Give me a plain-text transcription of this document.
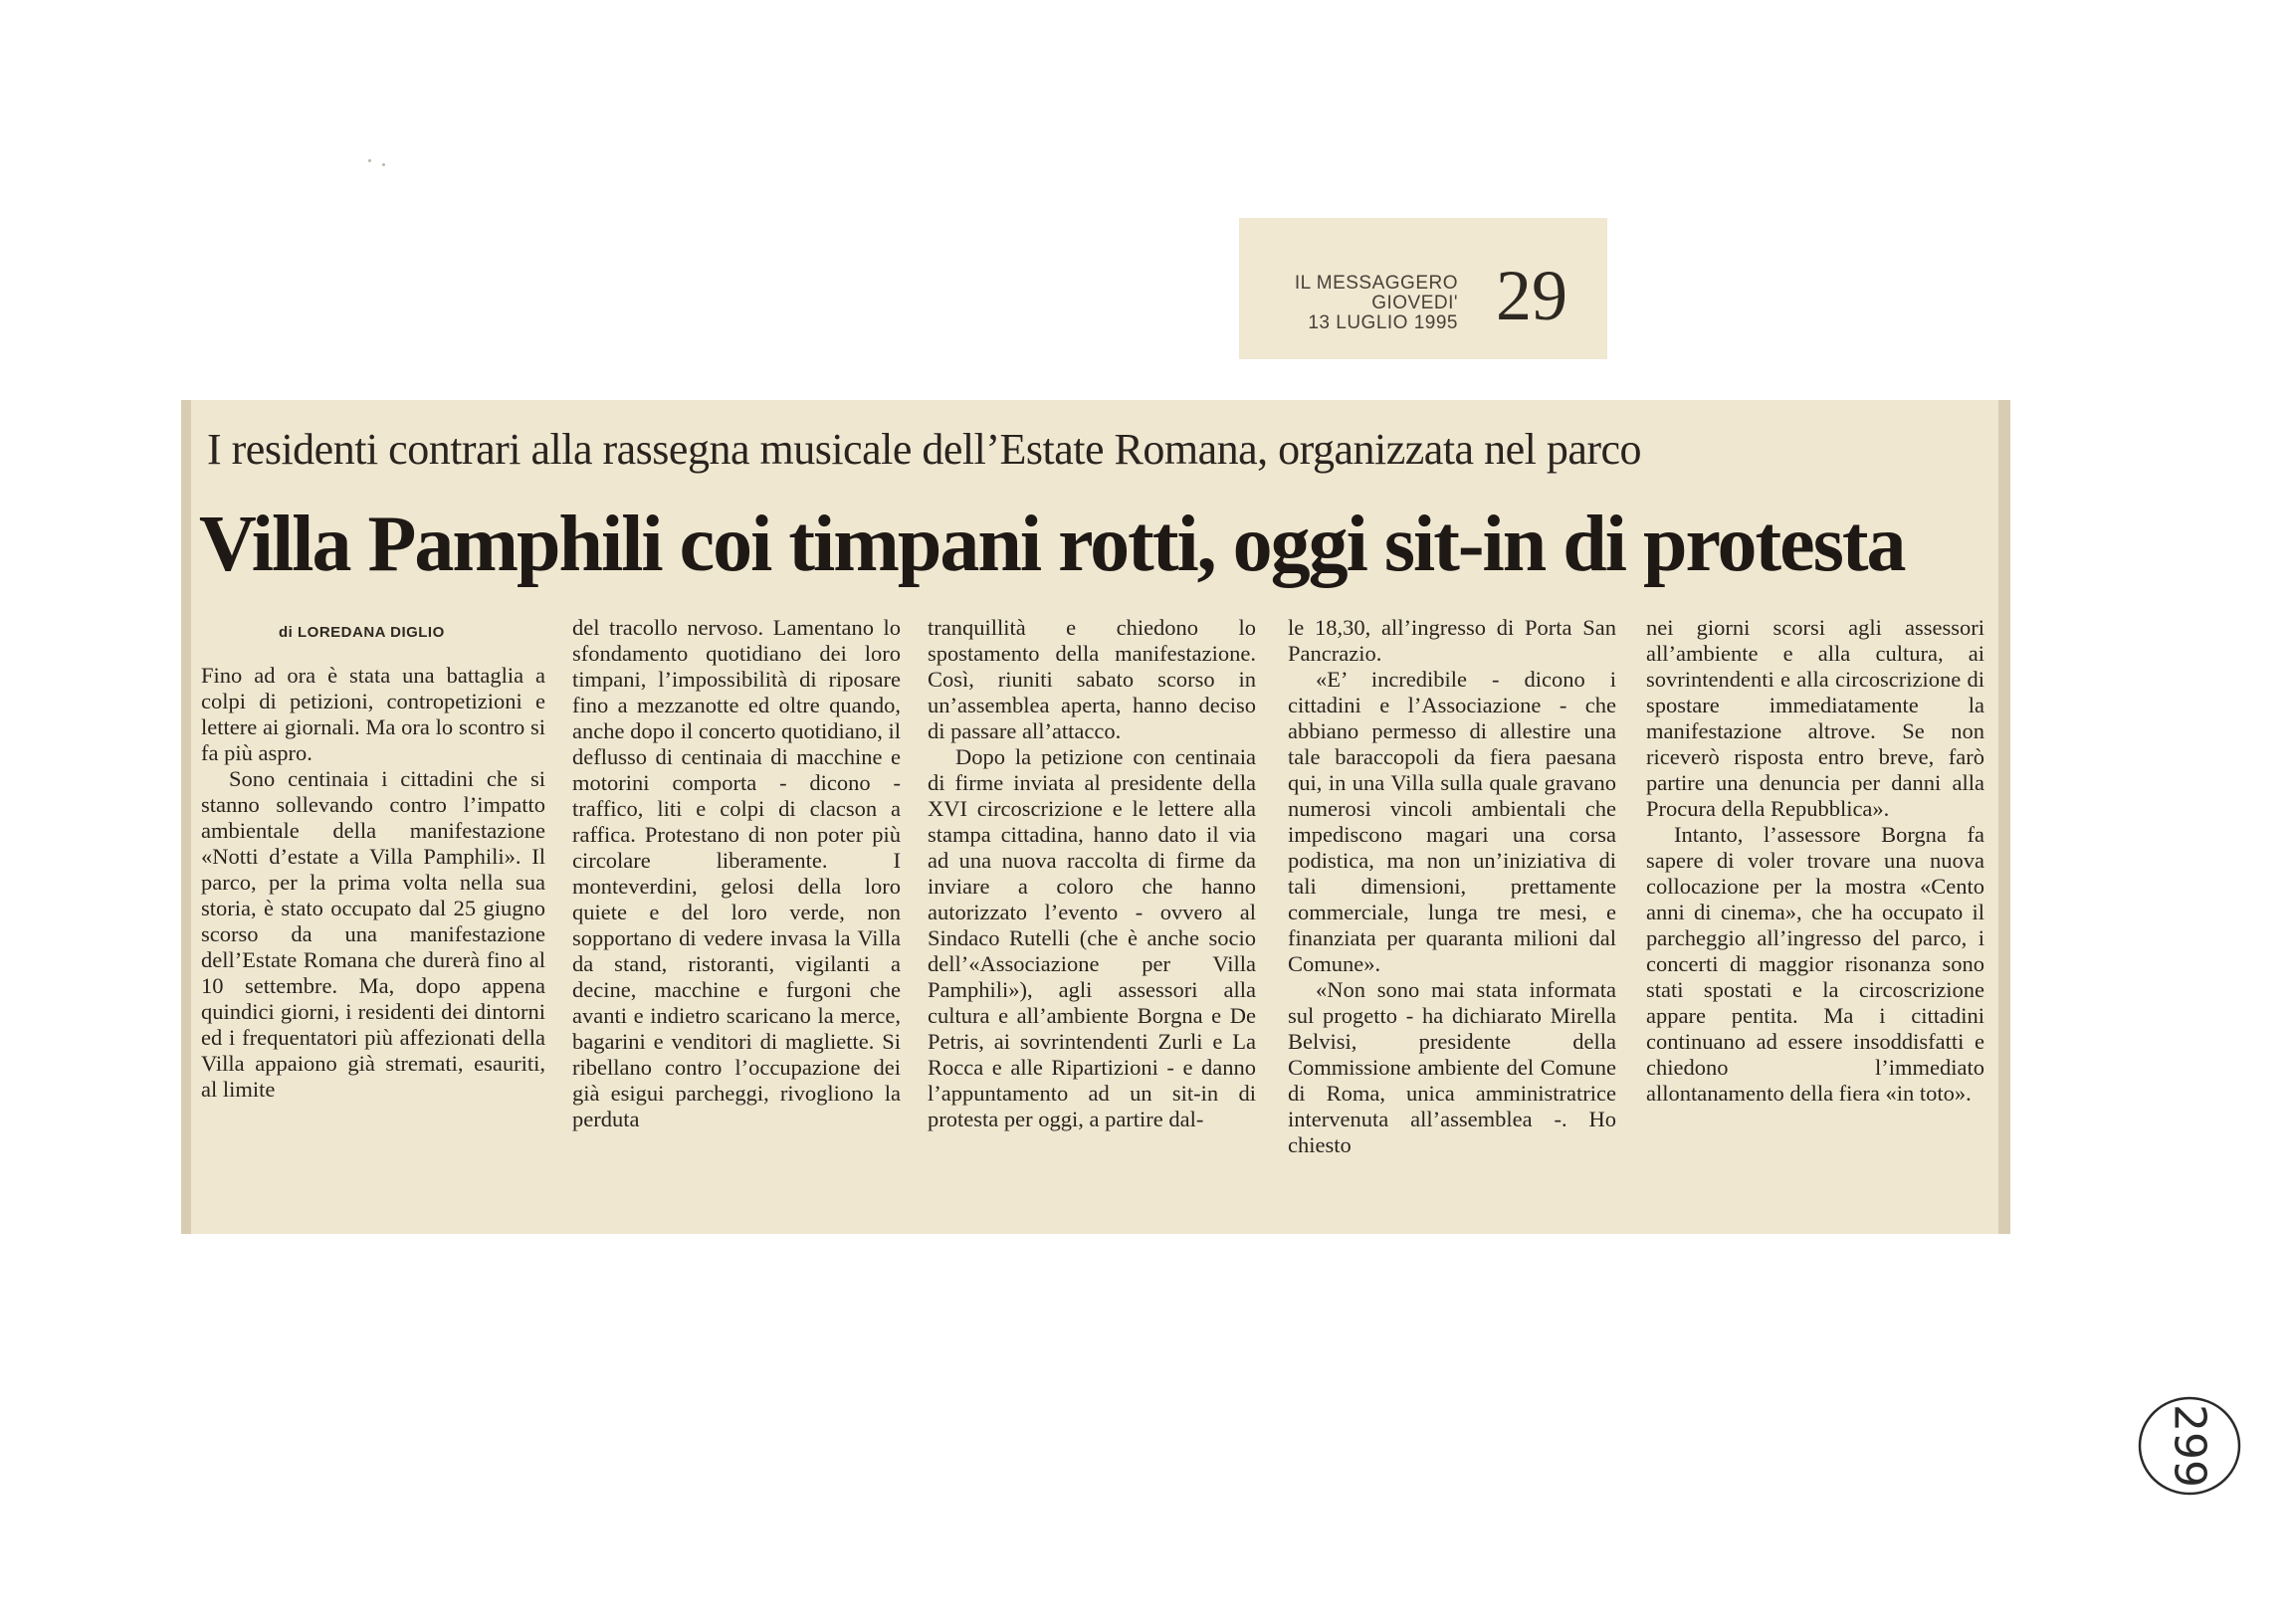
IL MESSAGGERO
GIOVEDI'
13 LUGLIO 1995 29
I residenti contrari alla rassegna musicale dell’Estate Romana, organizzata nel parco
Villa Pamphili coi timpani rotti, oggi sit-in di protesta
di LOREDANA DIGLIO

Fino ad ora è stata una battaglia a colpi di petizioni, contropetizioni e lettere ai giornali. Ma ora lo scontro si fa più aspro.

Sono centinaia i cittadini che si stanno sollevando contro l’impatto ambientale della manifestazione «Notti d’estate a Villa Pamphili». Il parco, per la prima volta nella sua storia, è stato occupato dal 25 giugno scorso da una manifestazione dell’Estate Romana che durerà fino al 10 settembre. Ma, dopo appena quindici giorni, i residenti dei dintorni ed i frequentatori più affezionati della Villa appaiono già stremati, esauriti, al limite

del tracollo nervoso. Lamentano lo sfondamento quotidiano dei loro timpani, l’impossibilità di riposare fino a mezzanotte ed oltre quando, anche dopo il concerto quotidiano, il deflusso di centinaia di macchine e motorini comporta - dicono - traffico, liti e colpi di clacson a raffica. Protestano di non poter più circolare liberamente. I monteverdini, gelosi della loro quiete e del loro verde, non sopportano di vedere invasa la Villa da stand, ristoranti, vigilanti a decine, macchine e furgoni che avanti e indietro scaricano la merce, bagarini e venditori di magliette. Si ribellano contro l’occupazione dei già esigui parcheggi, rivogliono la perduta

tranquillità e chiedono lo spostamento della manifestazione. Così, riuniti sabato scorso in un’assemblea aperta, hanno deciso di passare all’attacco.

Dopo la petizione con centinaia di firme inviata al presidente della XVI circoscrizione e le lettere alla stampa cittadina, hanno dato il via ad una nuova raccolta di firme da inviare a coloro che hanno autorizzato l’evento - ovvero al Sindaco Rutelli (che è anche socio dell’«Associazione per Villa Pamphili»), agli assessori alla cultura e all’ambiente Borgna e De Petris, ai sovrintendenti Zurli e La Rocca e alle Ripartizioni - e danno l’appuntamento ad un sit-in di protesta per oggi, a partire dal-

le 18,30, all’ingresso di Porta San Pancrazio.

«E’ incredibile - dicono i cittadini e l’Associazione - che abbiano permesso di allestire una tale baraccopoli da fiera paesana qui, in una Villa sulla quale gravano numerosi vincoli ambientali che impediscono magari una corsa podistica, ma non un’iniziativa di tali dimensioni, prettamente commerciale, lunga tre mesi, e finanziata per quaranta milioni dal Comune».

«Non sono mai stata informata sul progetto - ha dichiarato Mirella Belvisi, presidente della Commissione ambiente del Comune di Roma, unica amministratrice intervenuta all’assemblea -. Ho chiesto

nei giorni scorsi agli assessori all’ambiente e alla cultura, ai sovrintendenti e alla circoscrizione di spostare immediatamente la manifestazione altrove. Se non riceverò risposta entro breve, farò partire una denuncia per danni alla Procura della Repubblica».

Intanto, l’assessore Borgna fa sapere di voler trovare una nuova collocazione per la mostra «Cento anni di cinema», che ha occupato il parcheggio all’ingresso del parco, i concerti di maggior risonanza sono stati spostati e la circoscrizione appare pentita. Ma i cittadini continuano ad essere insoddisfatti e chiedono l’immediato allontanamento della fiera «in toto».

299
